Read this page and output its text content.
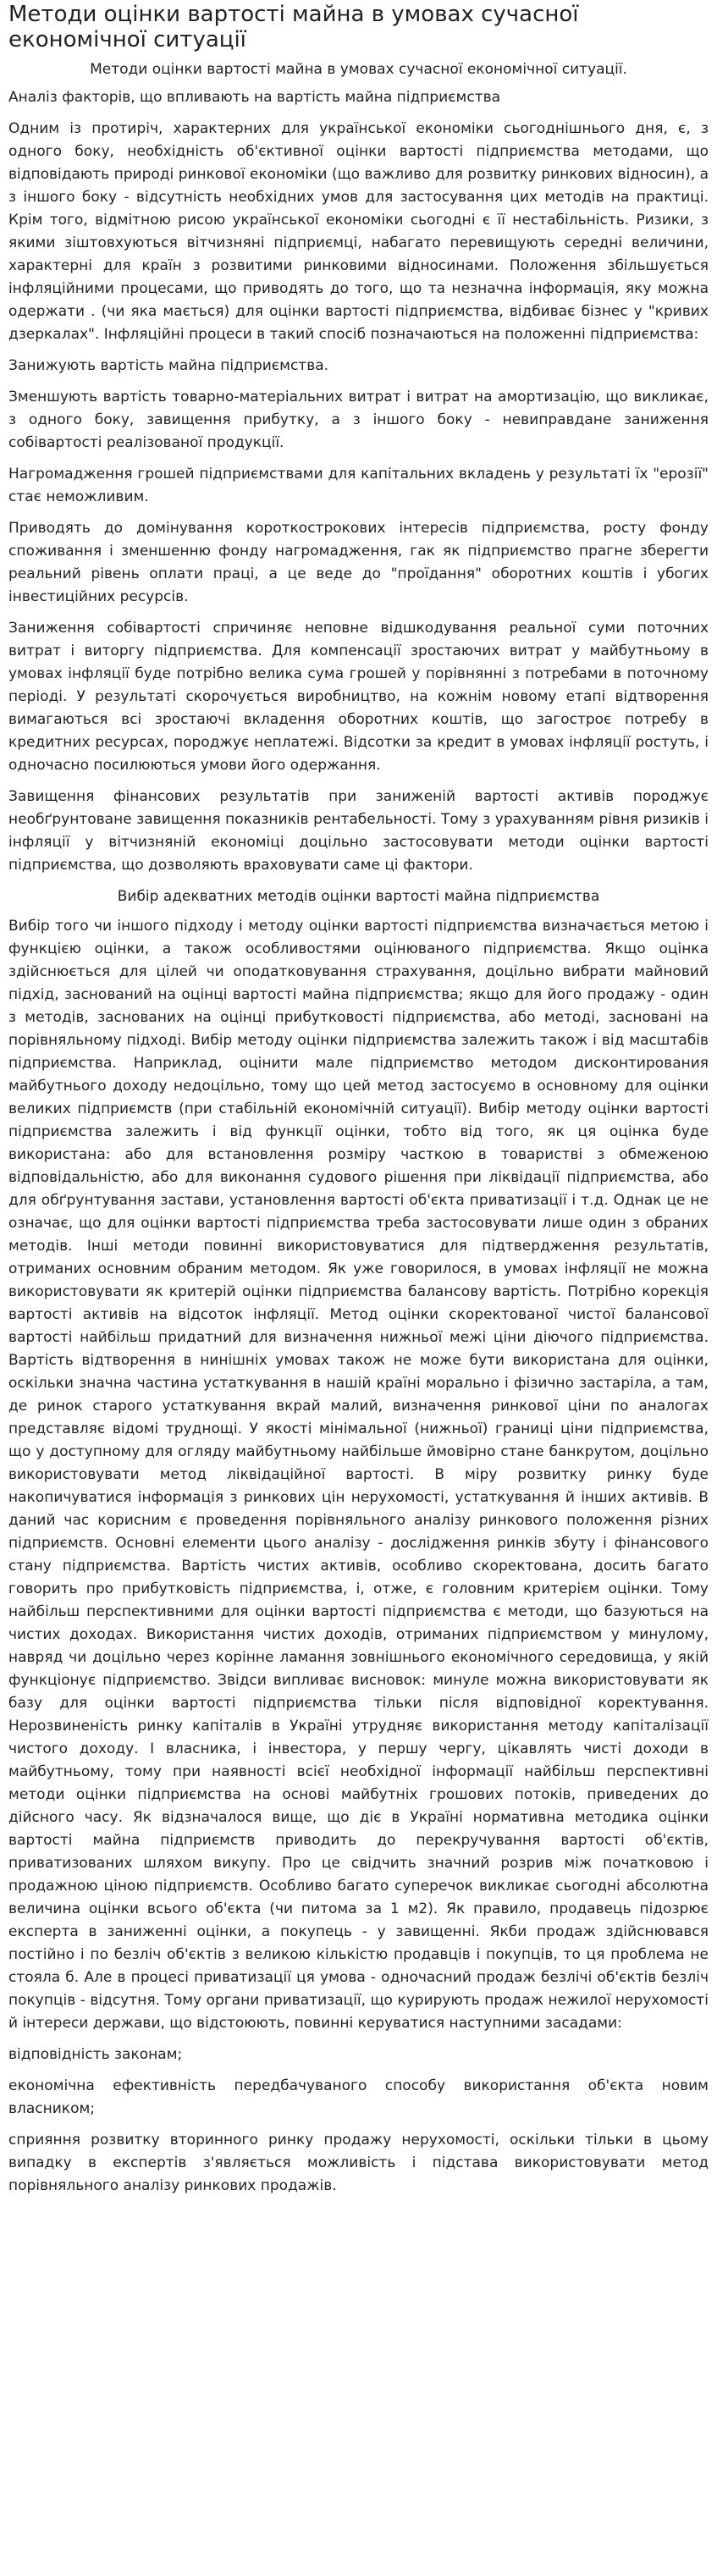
Методи оцінки вартості майна в умовах сучасної економічної ситуації
Методи оцінки вартості майна в умовах сучасної економічної ситуації.

Аналіз факторів, що впливають на вартість майна підприємства

Одним із протиріч, характерних для української економіки сьогоднішнього дня, є, з одного боку, необхідність об'єктивної оцінки вартості підприємства методами, що відповідають природі ринкової економіки (що важливо для розвитку ринкових відносин), а з іншого боку - відсутність необхідних умов для застосування цих методів на практиці. Крім того, відмітною рисою української економіки сьогодні є її нестабільність. Ризики, з якими зіштовхуються вітчизняні підприємці, набагато перевищують середні величини, характерні для країн з розвитими ринковими відносинами. Положення збільшується інфляційними процесами, що приводять до того, що та незначна інформація, яку можна одержати . (чи яка мається) для оцінки вартості підприємства, відбиває бізнес у "кривих дзеркалах". Інфляційні процеси в такий спосіб позначаються на положенні підприємства:

Занижують вартість майна підприємства.

Зменшують вартість товарно-матеріальних витрат і витрат на амортизацію, що викликає, з одного боку, завищення прибутку, а з іншого боку - невиправдане заниження собівартості реалізованої продукції.

Нагромадження грошей підприємствами для капітальних вкладень у результаті їх "ерозії" стає неможливим.

Приводять до домінування короткострокових інтересів підприємства, росту фонду споживання і зменшенню фонду нагромадження, гак як підприємство прагне зберегти реальний рівень оплати праці, а це веде до "проїдання" оборотних коштів і убогих інвестиційних ресурсів.

Заниження собівартості спричиняє неповне відшкодування реальної суми поточних витрат і виторгу підприємства. Для компенсації зростаючих витрат у майбутньому в умовах інфляції буде потрібно велика сума грошей у порівнянні з потребами в поточному періоді. У результаті скорочується виробництво, на кожнім новому етапі відтворення вимагаються всі зростаючі вкладення оборотних коштів, що загостроє потребу в кредитних ресурсах, породжує неплатежі. Відсотки за кредит в умовах інфляції ростуть, і одночасно посилюються умови його одержання.

Завищення фінансових результатів при заниженій вартості активів породжує необґрунтоване завищення показників рентабельності. Тому з урахуванням рівня ризиків і інфляції у вітчизняній економіці доцільно застосовувати методи оцінки вартості підприємства, що дозволяють враховувати саме ці фактори.

Вибір адекватних методів оцінки вартості майна підприємства

Вибір того чи іншого підходу і методу оцінки вартості підприємства визначається метою і функцією оцінки, а також особливостями оцінюваного підприємства. Якщо оцінка здійснюється для цілей чи оподатковування страхування, доцільно вибрати майновий підхід, заснований на оцінці вартості майна підприємства; якщо для його продажу - один з методів, заснованих на оцінці прибутковості підприємства, або методі, засновані на порівняльному підході. Вибір методу оцінки підприємства залежить також і від масштабів підприємства. Наприклад, оцінити мале підприємство методом дисконтирования майбутнього доходу недоцільно, тому що цей метод застосуємо в основному для оцінки великих підприємств (при стабільній економічній ситуації). Вибір методу оцінки вартості підприємства залежить і від функції оцінки, тобто від того, як ця оцінка буде використана: або для встановлення розміру часткою в товаристві з обмеженою відповідальністю, або для виконання судового рішення при ліквідації підприємства, або для обґрунтування застави, установлення вартості об'єкта приватизації і т.д. Однак це не означає, що для оцінки вартості підприємства треба застосовувати лише один з обраних методів. Інші методи повинні використовуватися для підтвердження результатів, отриманих основним обраним методом. Як уже говорилося, в умовах інфляції не можна використовувати як критерій оцінки підприємства балансову вартість. Потрібно корекція вартості активів на відсоток інфляції. Метод оцінки скоректованої чистої балансової вартості найбільш придатний для визначення нижньої межі ціни діючого підприємства. Вартість відтворення в нинішніх умовах також не може бути використана для оцінки, оскільки значна частина устаткування в нашій країні морально і фізично застаріла, а там, де ринок старого устаткування вкрай малий, визначення ринкової ціни по аналогах представляє відомі труднощі. У якості мінімальної (нижньої) границі ціни підприємства, що у доступному для огляду майбутньому найбільше ймовірно стане банкрутом, доцільно використовувати метод ліквідаційної вартості. В міру розвитку ринку буде накопичуватися інформація з ринкових цін нерухомості, устаткування й інших активів. В даний час корисним є проведення порівняльного аналізу ринкового положення різних підприємств. Основні елементи цього аналізу - дослідження ринків збуту і фінансового стану підприємства. Вартість чистих активів, особливо скоректована, досить багато говорить про прибутковість підприємства, і, отже, є головним критерієм оцінки. Тому найбільш перспективними для оцінки вартості підприємства є методи, що базуються на чистих доходах. Використання чистих доходів, отриманих підприємством у минулому, навряд чи доцільно через корінне ламання зовнішнього економічного середовища, у якій функціонує підприємство. Звідси випливає висновок: минуле можна використовувати як базу для оцінки вартості підприємства тільки після відповідної коректування. Нерозвиненість ринку капіталів в Україні утрудняє використання методу капіталізації чистого доходу. І власника, і інвестора, у першу чергу, цікавлять чисті доходи в майбутньому, тому при наявності всієї необхідної інформації найбільш перспективні методи оцінки підприємства на основі майбутніх грошових потоків, приведених до дійсного часу. Як відзначалося вище, що діє в Україні нормативна методика оцінки вартості майна підприємств приводить до перекручування вартості об'єктів, приватизованих шляхом викупу. Про це свідчить значний розрив між початковою і продажною ціною підприємств. Особливо багато суперечок викликає сьогодні абсолютна величина оцінки всього об'єкта (чи питома за 1 м2). Як правило, продавець підозрює експерта в заниженні оцінки, а покупець - у завищенні. Якби продаж здійснювався постійно і по безліч об'єктів з великою кількістю продавців і покупців, то ця проблема не стояла б. Але в процесі приватизації ця умова - одночасний продаж безлічі об'єктів безліч покупців - відсутня. Тому органи приватизації, що курирують продаж нежилої нерухомості й інтереси держави, що відстоюють, повинні керуватися наступними засадами:

відповідність законам;

економічна ефективність передбачуваного способу використання об'єкта новим власником;

сприяння розвитку вторинного ринку продажу нерухомості, оскільки тільки в цьому випадку в експертів з'являється можливість і підстава використовувати метод порівняльного аналізу ринкових продажів.
